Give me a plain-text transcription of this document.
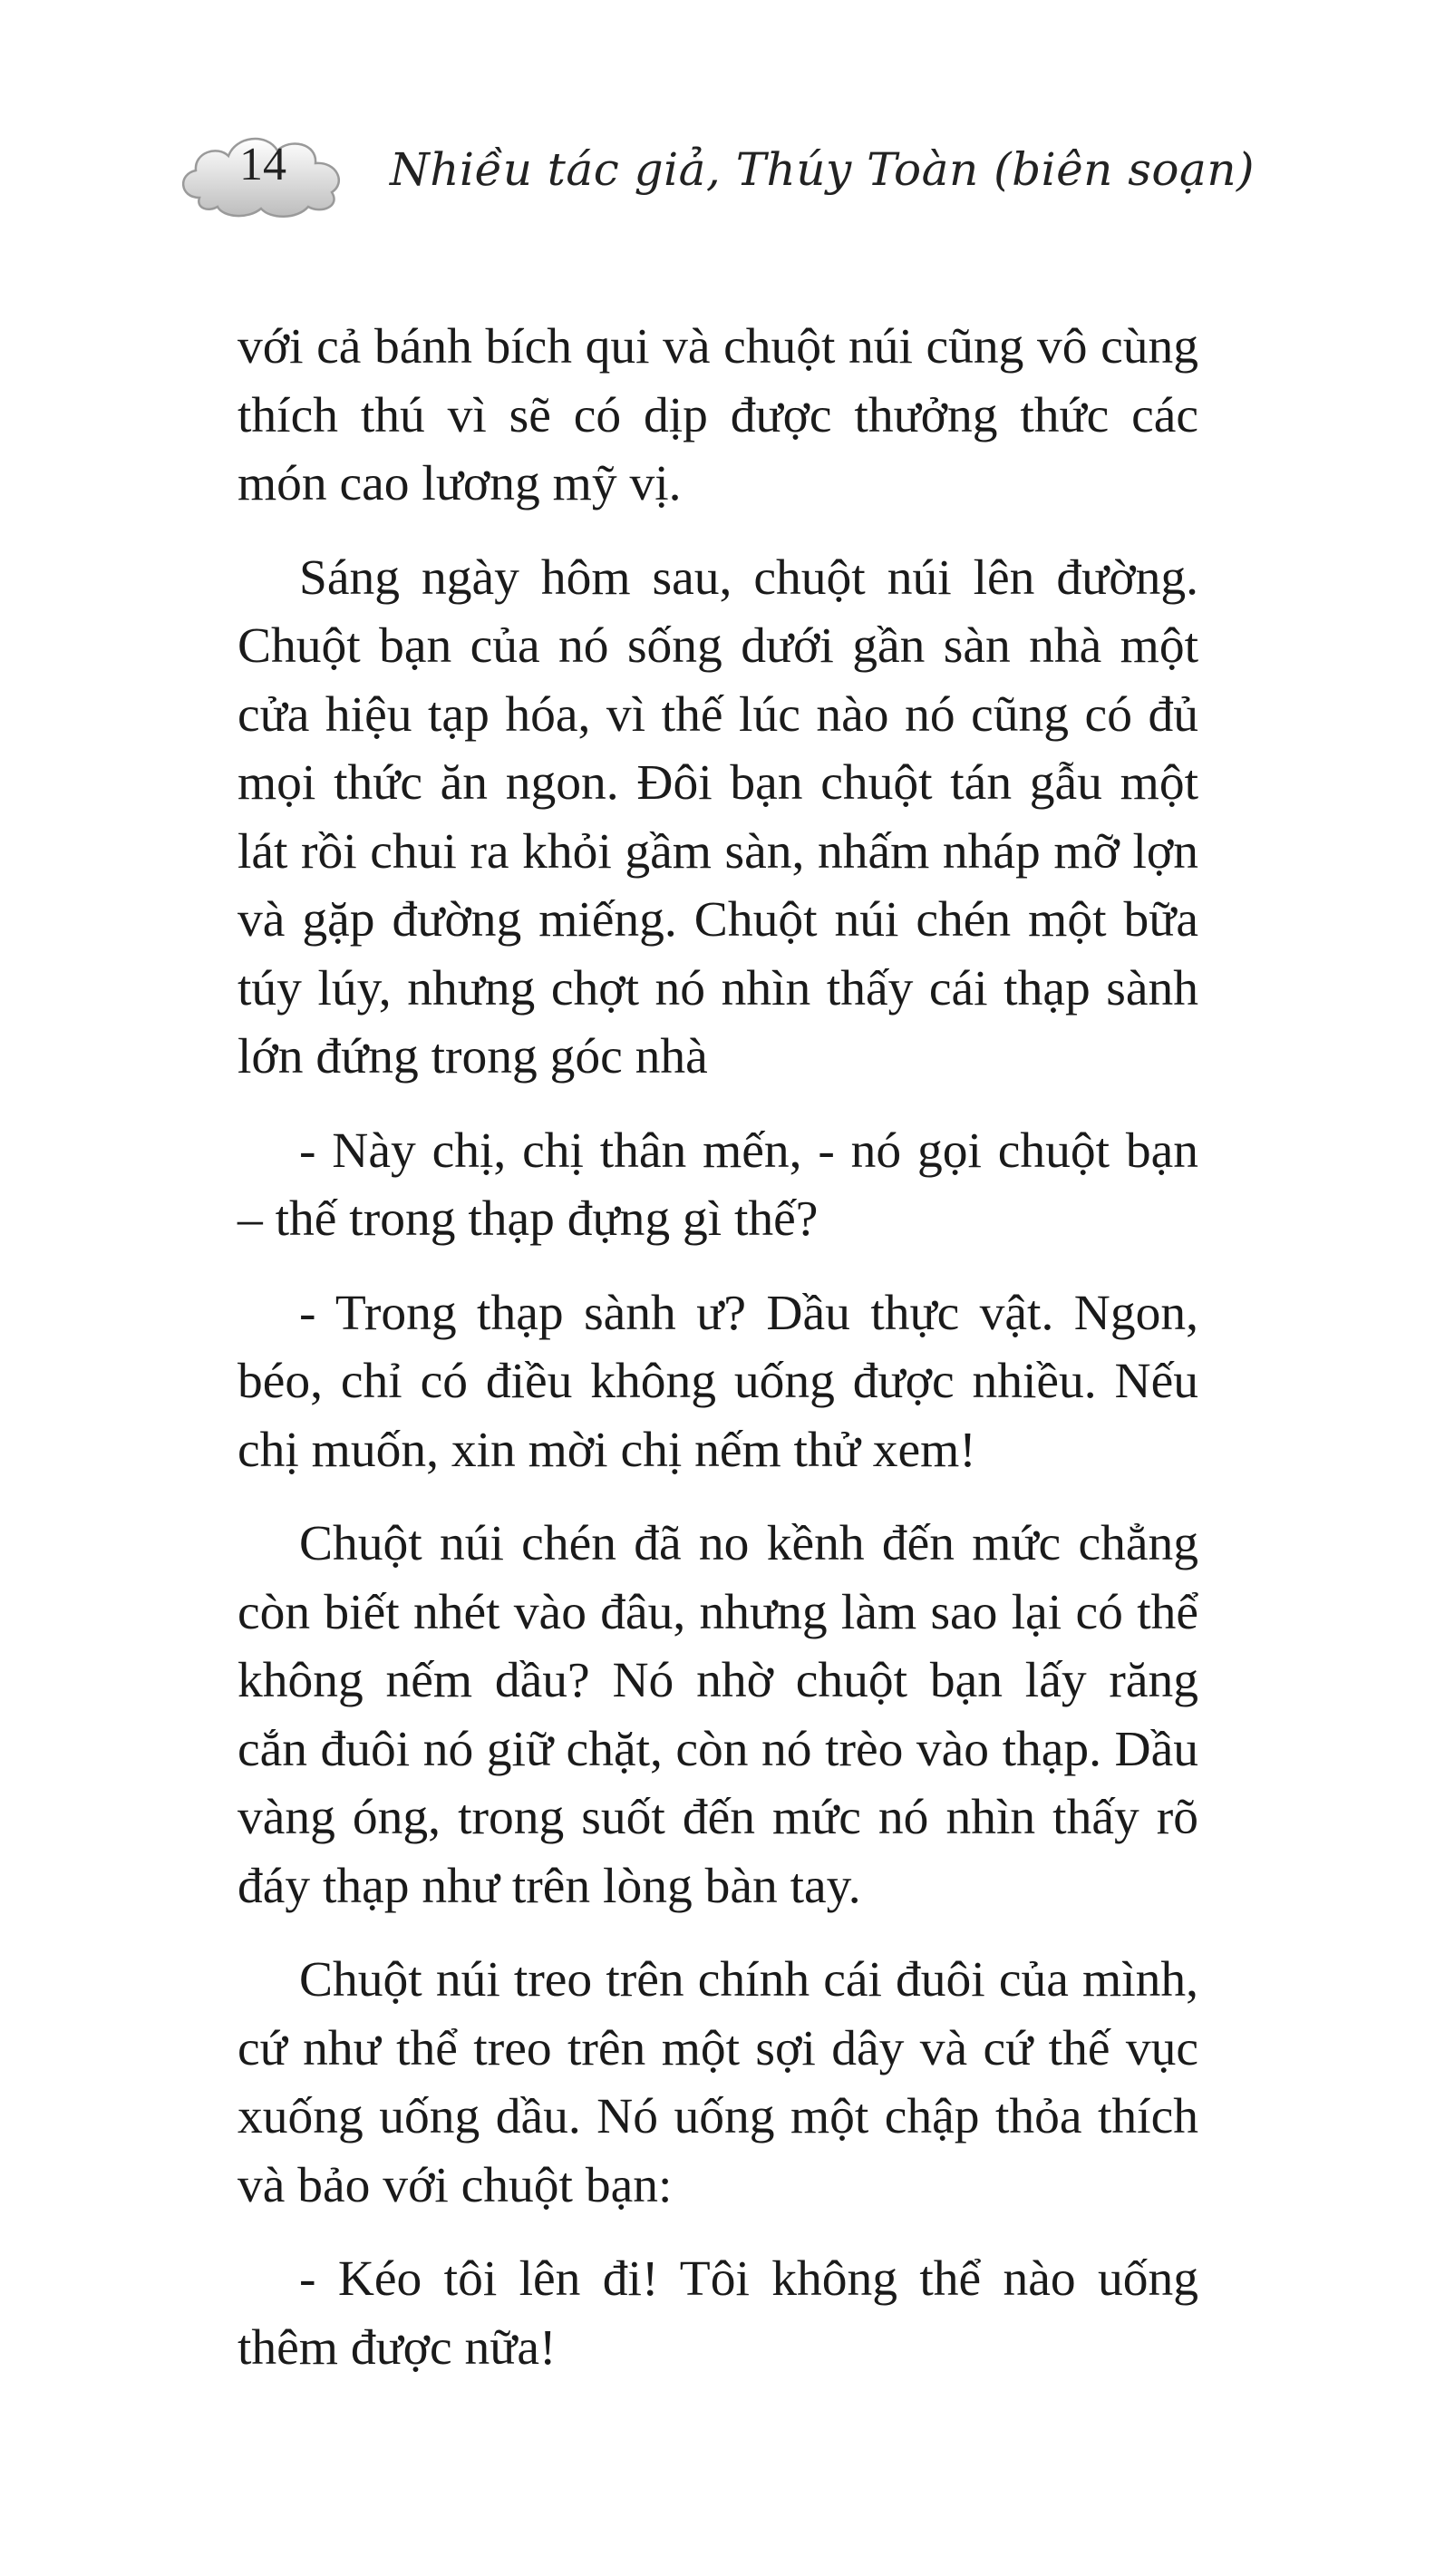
14	Nhiều tác giả, Thúy Toàn (biên soạn)

với cả bánh bích qui và chuột núi cũng vô cùng thích thú vì sẽ có dịp được thưởng thức các món cao lương mỹ vị.

Sáng ngày hôm sau, chuột núi lên đường. Chuột bạn của nó sống dưới gần sàn nhà một cửa hiệu tạp hóa, vì thế lúc nào nó cũng có đủ mọi thức ăn ngon. Đôi bạn chuột tán gẫu một lát rồi chui ra khỏi gầm sàn, nhấm nháp mỡ lợn và gặp đường miếng. Chuột núi chén một bữa túy lúy, nhưng chợt nó nhìn thấy cái thạp sành lớn đứng trong góc nhà

- Này chị, chị thân mến, - nó gọi chuột bạn – thế trong thạp đựng gì thế?

- Trong thạp sành ư? Dầu thực vật. Ngon, béo, chỉ có điều không uống được nhiều. Nếu chị muốn, xin mời chị nếm thử xem!

Chuột núi chén đã no kềnh đến mức chẳng còn biết nhét vào đâu, nhưng làm sao lại có thể không nếm dầu? Nó nhờ chuột bạn lấy răng cắn đuôi nó giữ chặt, còn nó trèo vào thạp. Dầu vàng óng, trong suốt đến mức nó nhìn thấy rõ đáy thạp như trên lòng bàn tay.

Chuột núi treo trên chính cái đuôi của mình, cứ như thể treo trên một sợi dây và cứ thế vục xuống uống dầu. Nó uống một chập thỏa thích và bảo với chuột bạn:

- Kéo tôi lên đi! Tôi không thể nào uống thêm được nữa!
